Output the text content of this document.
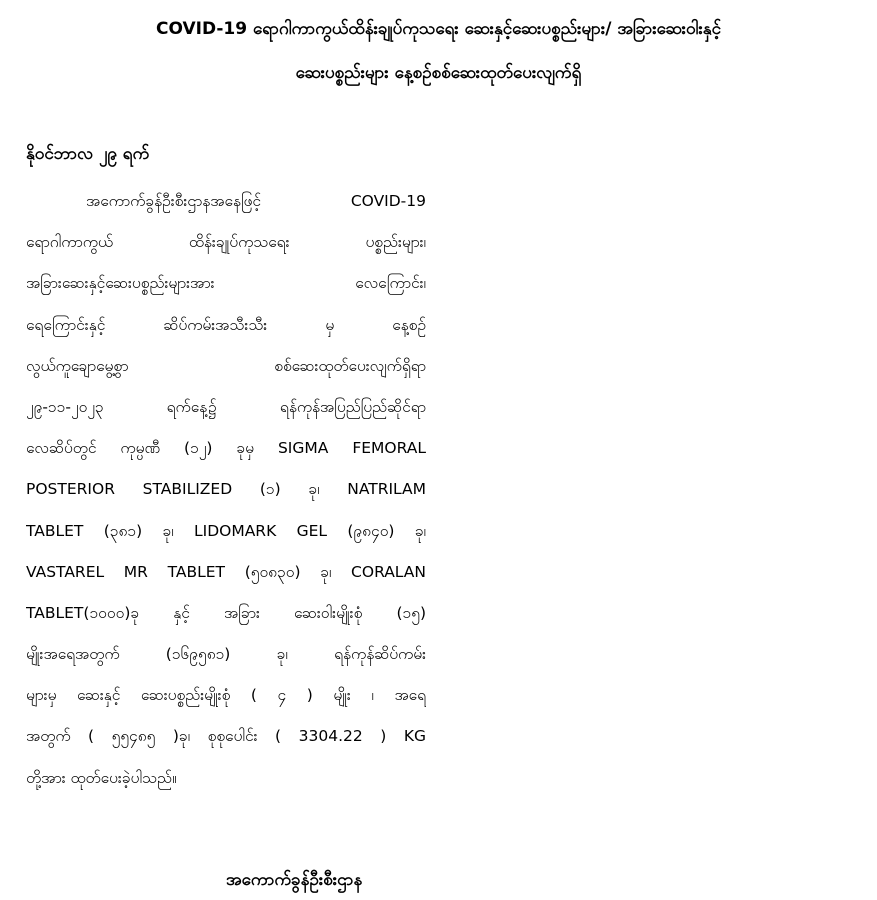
COVID-19 ရောဂါကာကွယ်ထိန်းချုပ်ကုသရေး ဆေးနှင့်ဆေးပစ္စည်းများ/ အခြားဆေးဝါးနှင့်
ဆေးပစ္စည်းများ နေ့စဉ်စစ်ဆေးထုတ်ပေးလျက်ရှိ
နိုဝင်ဘာလ ၂၉ ရက်
အကောက်ခွန်ဦးစီးဌာနအနေဖြင့် COVID-19
ရောဂါကာကွယ် ထိန်းချုပ်ကုသရေး ပစ္စည်းများ၊
အခြားဆေးနှင့်ဆေးပစ္စည်းများအား လေကြောင်း၊
ရေကြောင်းနှင့် ဆိပ်ကမ်းအသီးသီး မှ နေ့စဉ်
လွယ်ကူချောမွေ့စွာ စစ်ဆေးထုတ်ပေးလျက်ရှိရာ
၂၉-၁၁-၂၀၂၃ ရက်နေ့၌ ရန်ကုန်အပြည်ပြည်ဆိုင်ရာ
လေဆိပ်တွင် ကုမ္ပဏီ (၁၂) ခုမှ SIGMA FEMORAL
POSTERIOR STABILIZED (၁) ခု၊ NATRILAM
TABLET (၃၈၁) ခု၊ LIDOMARK GEL (၉၈၄၀) ခု၊
VASTAREL MR TABLET (၅၀၈၃၀) ခု၊ CORALAN
TABLET(၁၀၀၀)ခု နှင့် အခြား ဆေးဝါးမျိုးစုံ (၁၅)
မျိုးအရေအတွက် (၁၆၉၅၈၁) ခု၊ ရန်ကုန်ဆိပ်ကမ်း
များမှ ဆေးနှင့် ဆေးပစ္စည်းမျိုးစုံ ( ၄ ) မျိုး ၊ အရေ
အတွက် ( ၅၅၄၈၅ )ခု၊ စုစုပေါင်း ( 3304.22 ) KG
တို့အား ထုတ်ပေးခဲ့ပါသည်။
အကောက်ခွန်ဦးစီးဌာန
